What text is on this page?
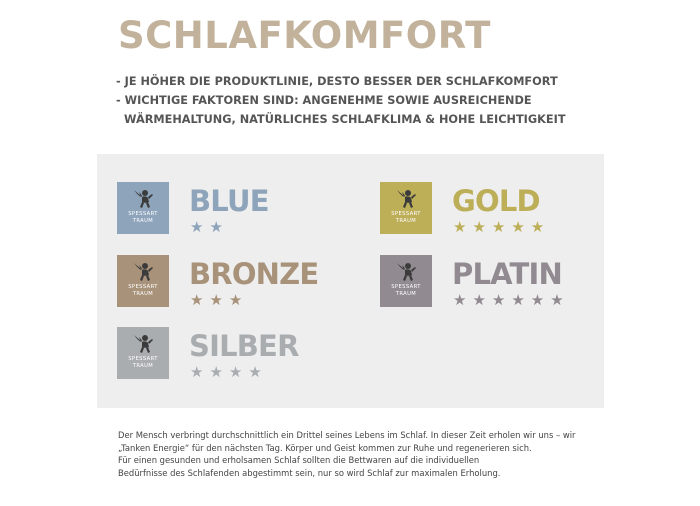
SCHLAFKOMFORT
- JE HÖHER DIE PRODUKTLINIE, DESTO BESSER DER SCHLAFKOMFORT
- WICHTIGE FAKTOREN SIND: ANGENEHME SOWIE AUSREICHENDE
WÄRMEHALTUNG, NATÜRLICHES SCHLAFKLIMA & HOHE LEICHTIGKEIT
SPESSART
TRAUM
BLUE
★★
SPESSART
TRAUM
BRONZE
★★★
SPESSART
TRAUM
SILBER
★★★★
SPESSART
TRAUM
GOLD
★★★★★
SPESSART
TRAUM
PLATIN
★★★★★★
Der Mensch verbringt durchschnittlich ein Drittel seines Lebens im Schlaf. In dieser Zeit erholen wir uns – wir
„Tanken Energie“ für den nächsten Tag. Körper und Geist kommen zur Ruhe und regenerieren sich.
Für einen gesunden und erholsamen Schlaf sollten die Bettwaren auf die individuellen
Bedürfnisse des Schlafenden abgestimmt sein, nur so wird Schlaf zur maximalen Erholung.
